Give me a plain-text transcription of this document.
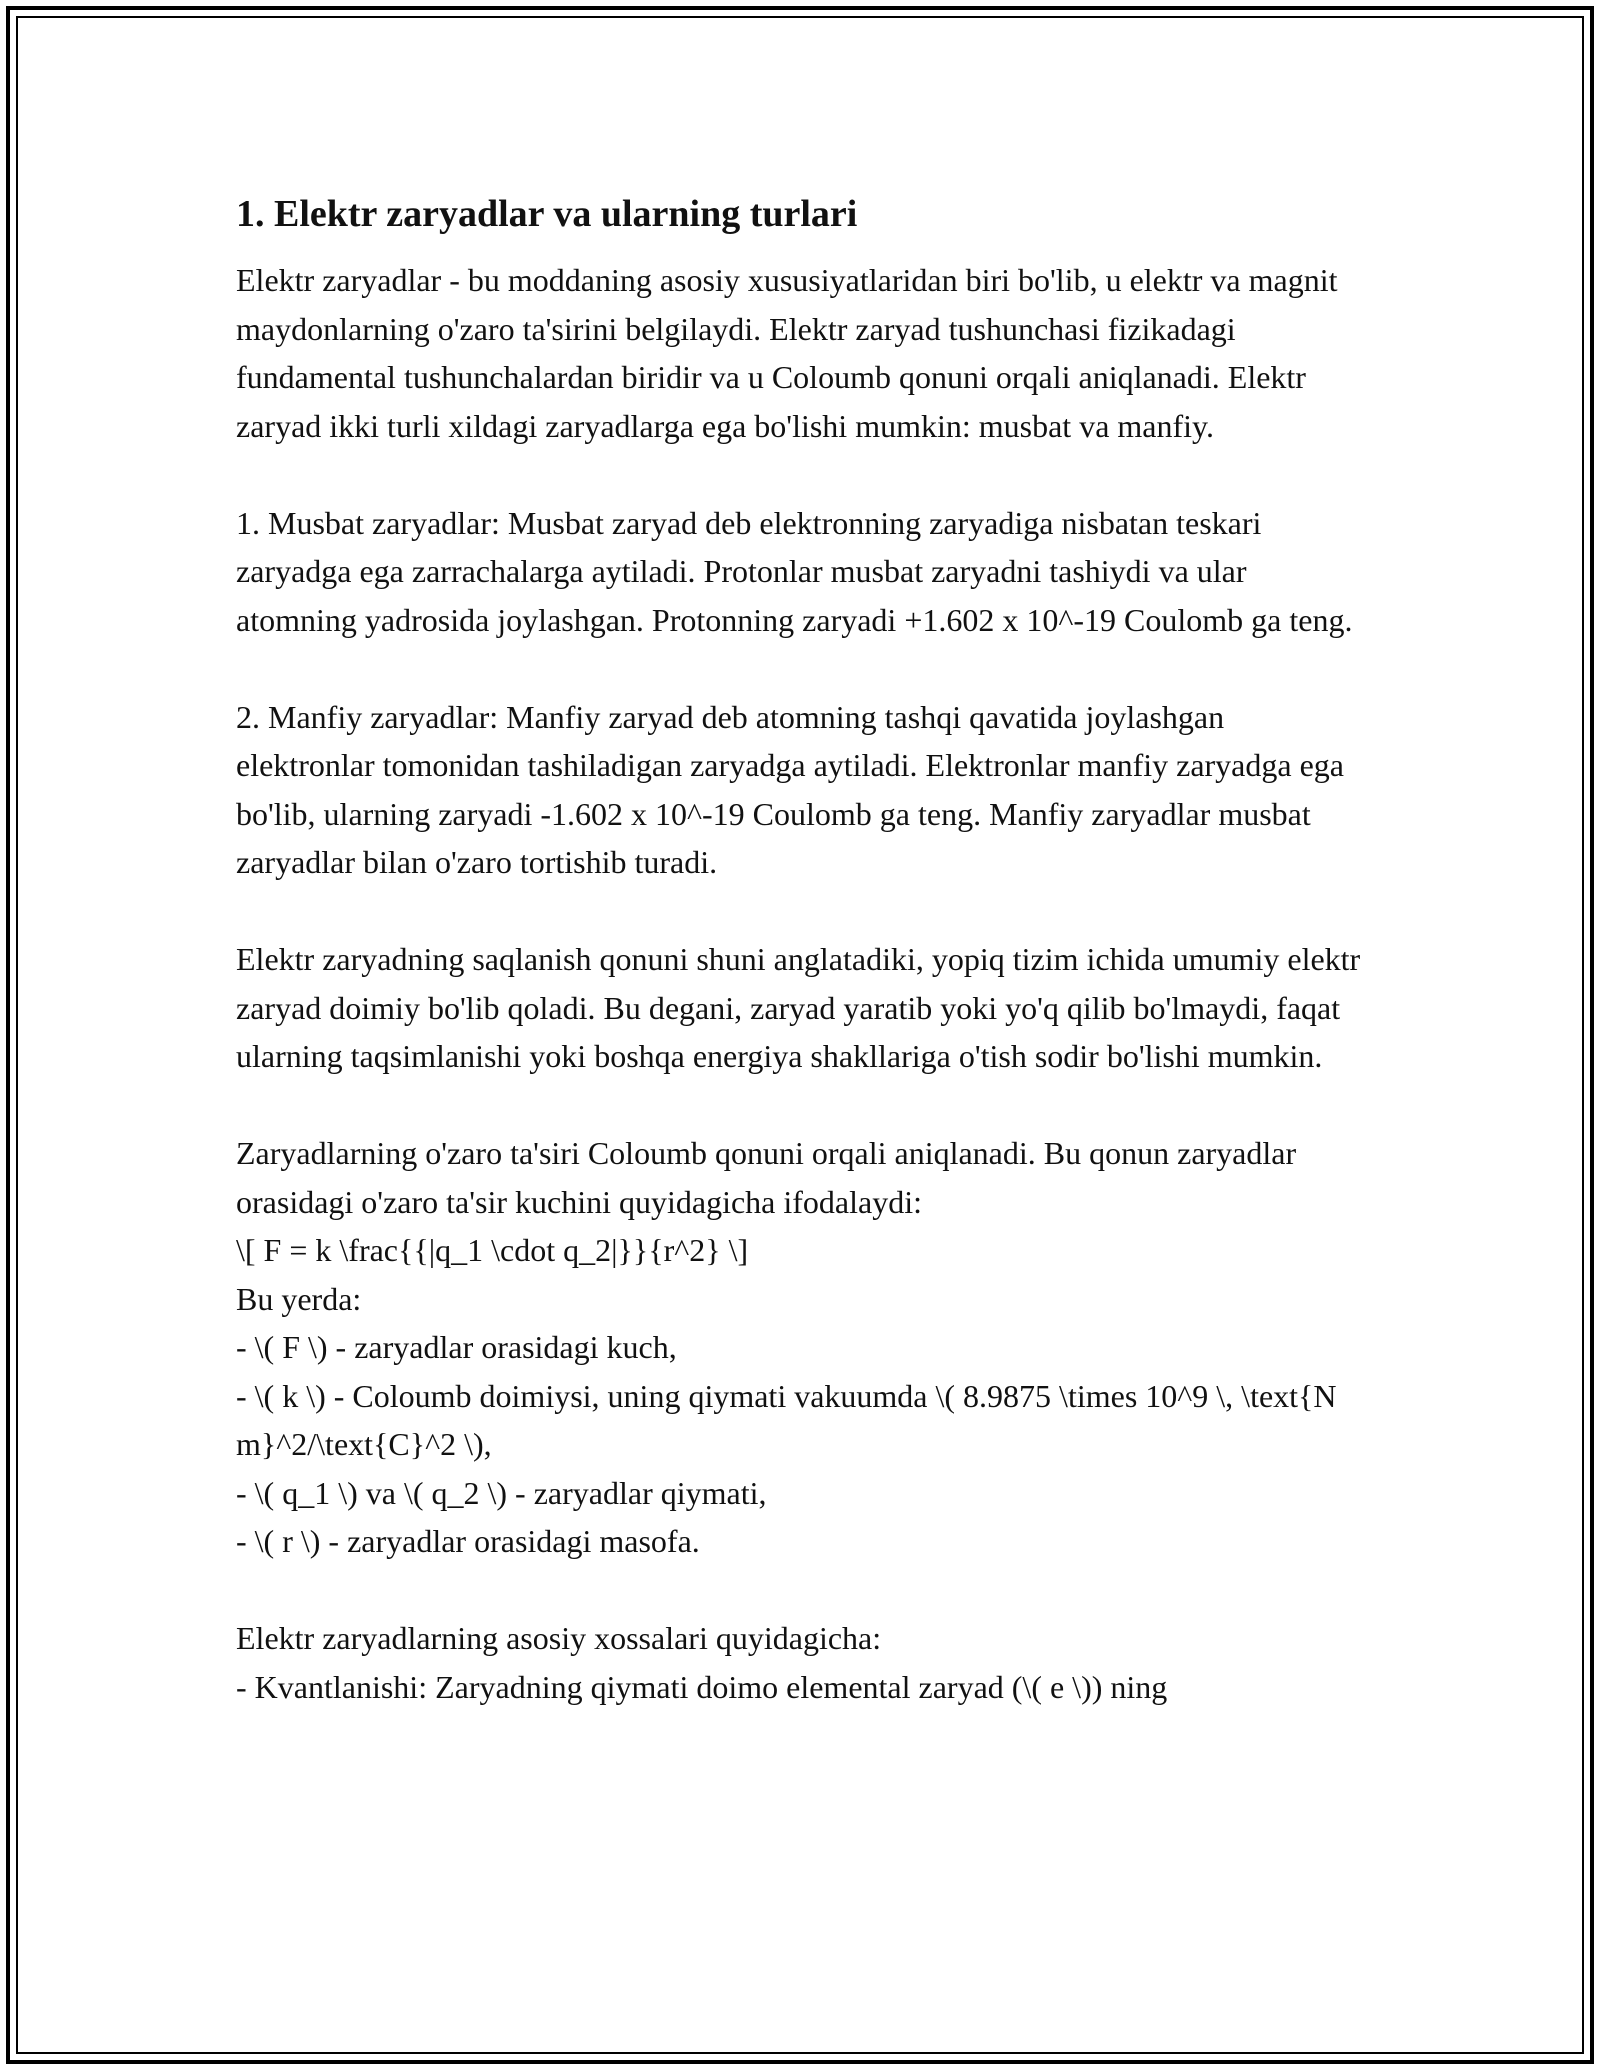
1. Elektr zaryadlar va ularning turlari

Elektr zaryadlar - bu moddaning asosiy xususiyatlaridan biri bo'lib, u elektr va magnit maydonlarning o'zaro ta'sirini belgilaydi. Elektr zaryad tushunchasi fizikadagi fundamental tushunchalardan biridir va u Coloumb qonuni orqali aniqlanadi. Elektr zaryad ikki turli xildagi zaryadlarga ega bo'lishi mumkin: musbat va manfiy.

1. Musbat zaryadlar: Musbat zaryad deb elektronning zaryadiga nisbatan teskari zaryadga ega zarrachalarga aytiladi. Protonlar musbat zaryadni tashiydi va ular atomning yadrosida joylashgan. Protonning zaryadi +1.602 x 10^-19 Coulomb ga teng.

2. Manfiy zaryadlar: Manfiy zaryad deb atomning tashqi qavatida joylashgan elektronlar tomonidan tashiladigan zaryadga aytiladi. Elektronlar manfiy zaryadga ega bo'lib, ularning zaryadi -1.602 x 10^-19 Coulomb ga teng. Manfiy zaryadlar musbat zaryadlar bilan o'zaro tortishib turadi.

Elektr zaryadning saqlanish qonuni shuni anglatadiki, yopiq tizim ichida umumiy elektr zaryad doimiy bo'lib qoladi. Bu degani, zaryad yaratib yoki yo'q qilib bo'lmaydi, faqat ularning taqsimlanishi yoki boshqa energiya shakllariga o'tish sodir bo'lishi mumkin.

Zaryadlarning o'zaro ta'siri Coloumb qonuni orqali aniqlanadi. Bu qonun zaryadlar orasidagi o'zaro ta'sir kuchini quyidagicha ifodalaydi:
\[ F = k \frac{{|q_1 \cdot q_2|}}{r^2} \]
Bu yerda:
- \( F \) - zaryadlar orasidagi kuch,
- \( k \) - Coloumb doimiysi, uning qiymati vakuumda \( 8.9875 \times 10^9 \, \text{N m}^2/\text{C}^2 \),
- \( q_1 \) va \( q_2 \) - zaryadlar qiymati,
- \( r \) - zaryadlar orasidagi masofa.
Elektr zaryadlarning asosiy xossalari quyidagicha:
- Kvantlanishi: Zaryadning qiymati doimo elemental zaryad (\( e \)) ning
